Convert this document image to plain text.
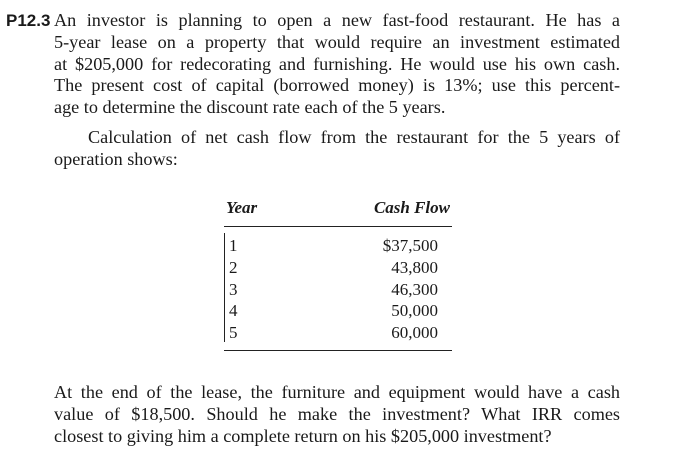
P12.3 An investor is planning to open a new fast-food restaurant. He has a
5-year lease on a property that would require an investment estimated
at $205,000 for redecorating and furnishing. He would use his own cash.
The present cost of capital (borrowed money) is 13%; use this percent-
age to determine the discount rate each of the 5 years.
Calculation of net cash flow from the restaurant for the 5 years of
operation shows:
Year	Cash Flow
1	$37,500
2	43,800
3	46,300
4	50,000
5	60,000
At the end of the lease, the furniture and equipment would have a cash
value of $18,500. Should he make the investment? What IRR comes
closest to giving him a complete return on his $205,000 investment?
